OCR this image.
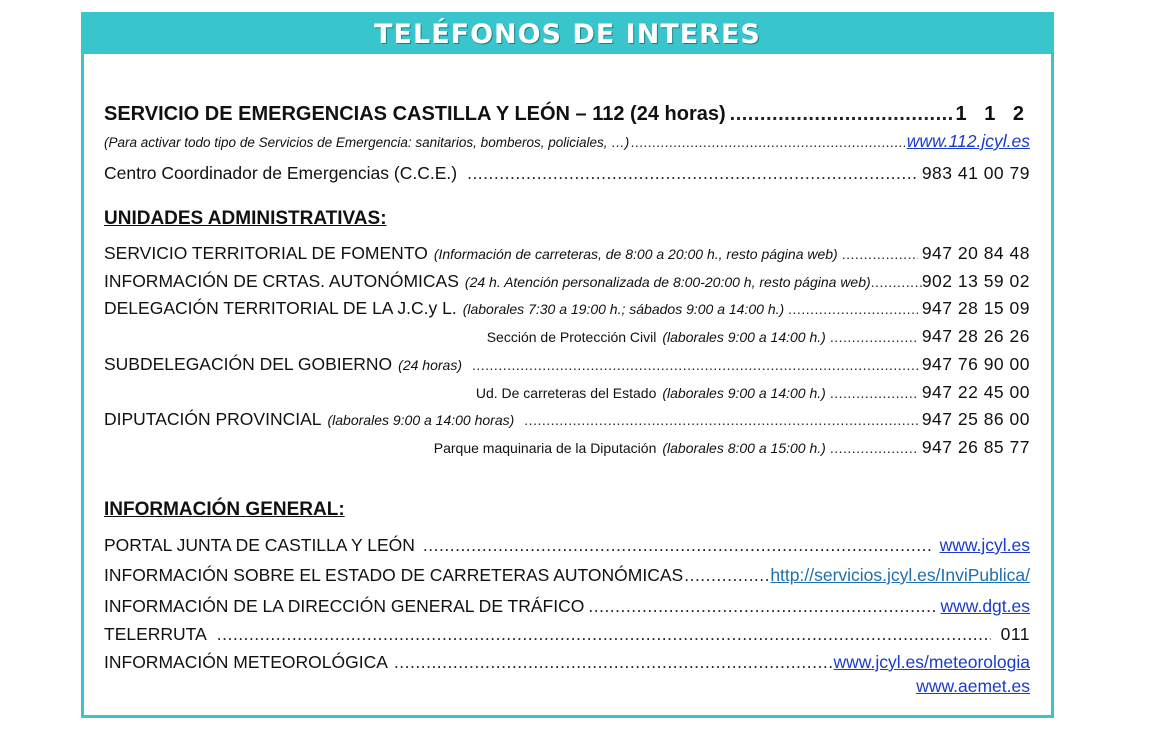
TELÉFONOS DE INTERES
SERVICIO DE EMERGENCIAS CASTILLA Y LEÓN – 112 (24 horas) .....	1 1 2
(Para activar todo tipo de Servicios de Emergencia: sanitarios, bomberos, policiales, …) .....	www.112.jcyl.es
Centro Coordinador de Emergencias (C.C.E.) .....	983 41 00 79
UNIDADES ADMINISTRATIVAS:
SERVICIO TERRITORIAL DE FOMENTO (Información de carreteras, de 8:00 a 20:00 h., resto página web) .....	947 20 84 48
INFORMACIÓN DE CRTAS. AUTONÓMICAS (24 h. Atención personalizada de 8:00-20:00 h, resto página web) .....	902 13 59 02
DELEGACIÓN TERRITORIAL DE LA J.C.y L. (laborales 7:30 a 19:00 h.; sábados 9:00 a 14:00 h.) .....	947 28 15 09
Sección de Protección Civil (laborales 9:00 a 14:00 h.) .....	947 28 26 26
SUBDELEGACIÓN DEL GOBIERNO (24 horas) .....	947 76 90 00
Ud. De carreteras del Estado (laborales 9:00 a 14:00 h.) .....	947 22 45 00
DIPUTACIÓN PROVINCIAL (laborales 9:00 a 14:00 horas) .....	947 25 86 00
Parque maquinaria de la Diputación (laborales 8:00 a 15:00 h.) .....	947 26 85 77
INFORMACIÓN GENERAL:
PORTAL JUNTA DE CASTILLA Y LEÓN .....	www.jcyl.es
INFORMACIÓN SOBRE EL ESTADO DE CARRETERAS AUTONÓMICAS .....	http://servicios.jcyl.es/InviPublica/
INFORMACIÓN DE LA DIRECCIÓN GENERAL DE TRÁFICO .....	www.dgt.es
TELERRUTA .....	011
INFORMACIÓN METEOROLÓGICA .....	www.jcyl.es/meteorologia
www.aemet.es
